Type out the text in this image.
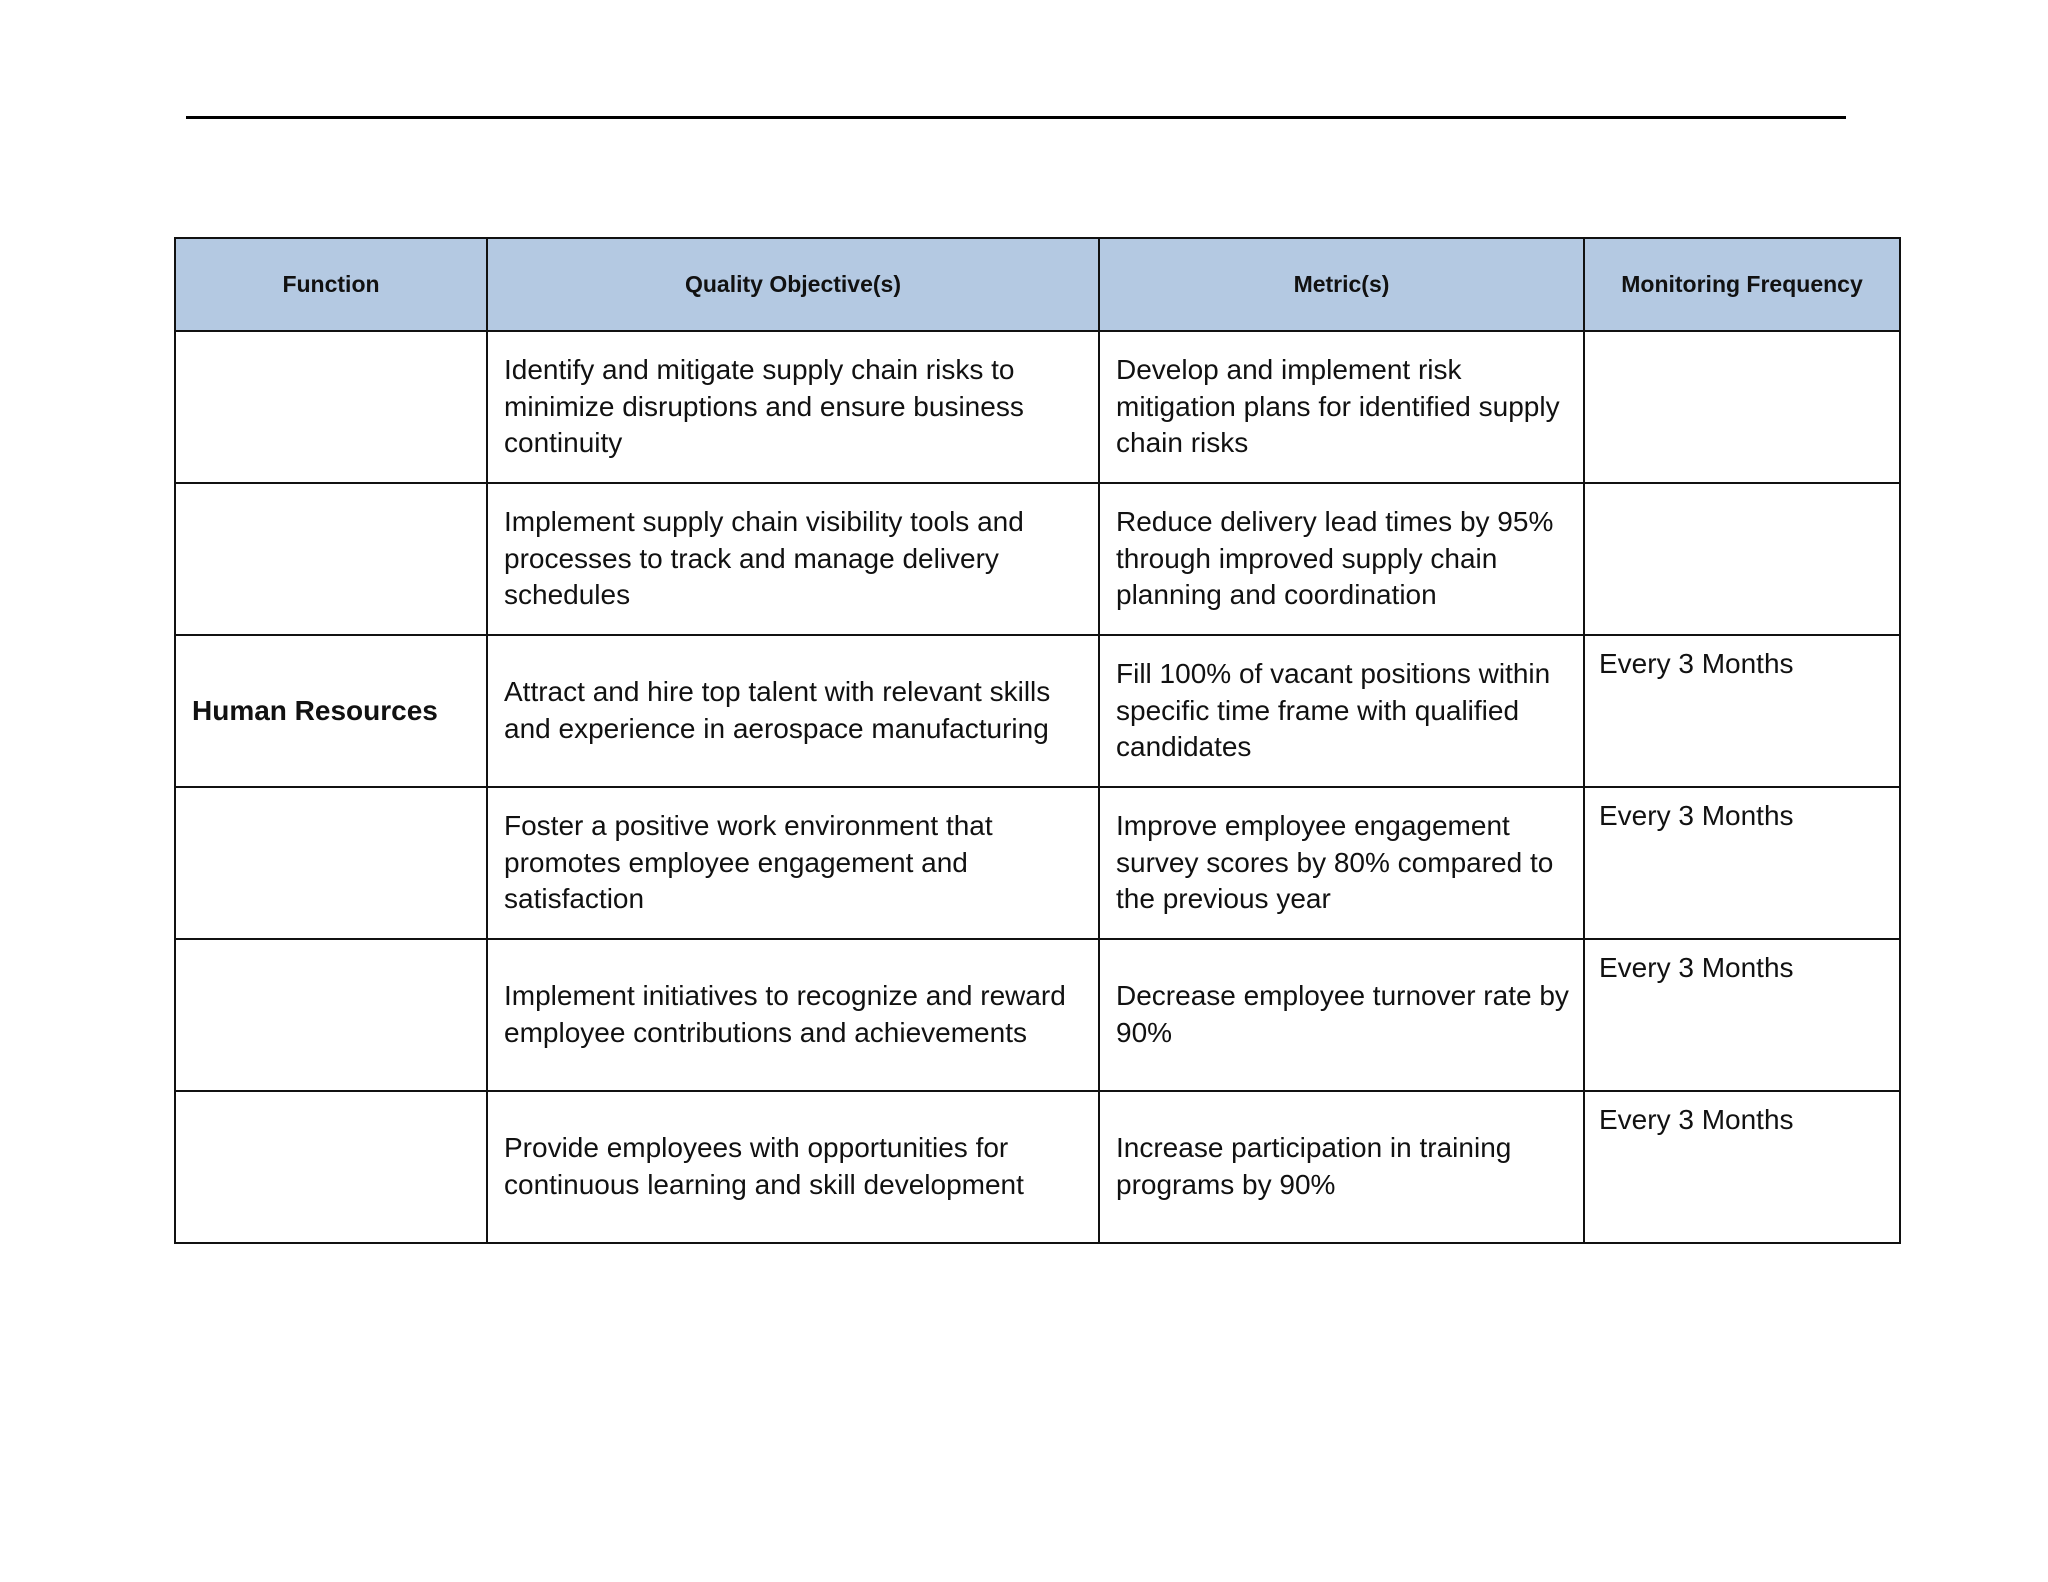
Function	Quality Objective(s)	Metric(s)	Monitoring Frequency
	Identify and mitigate supply chain risks to minimize disruptions and ensure business continuity	Develop and implement risk mitigation plans for identified supply chain risks	
	Implement supply chain visibility tools and processes to track and manage delivery schedules	Reduce delivery lead times by 95% through improved supply chain planning and coordination	
Human Resources	Attract and hire top talent with relevant skills and experience in aerospace manufacturing	Fill 100% of vacant positions within specific time frame with qualified candidates	Every 3 Months
	Foster a positive work environment that promotes employee engagement and satisfaction	Improve employee engagement survey scores by 80% compared to the previous year	Every 3 Months
	Implement initiatives to recognize and reward employee contributions and achievements	Decrease employee turnover rate by 90%	Every 3 Months
	Provide employees with opportunities for continuous learning and skill development	Increase participation in training programs by 90%	Every 3 Months
